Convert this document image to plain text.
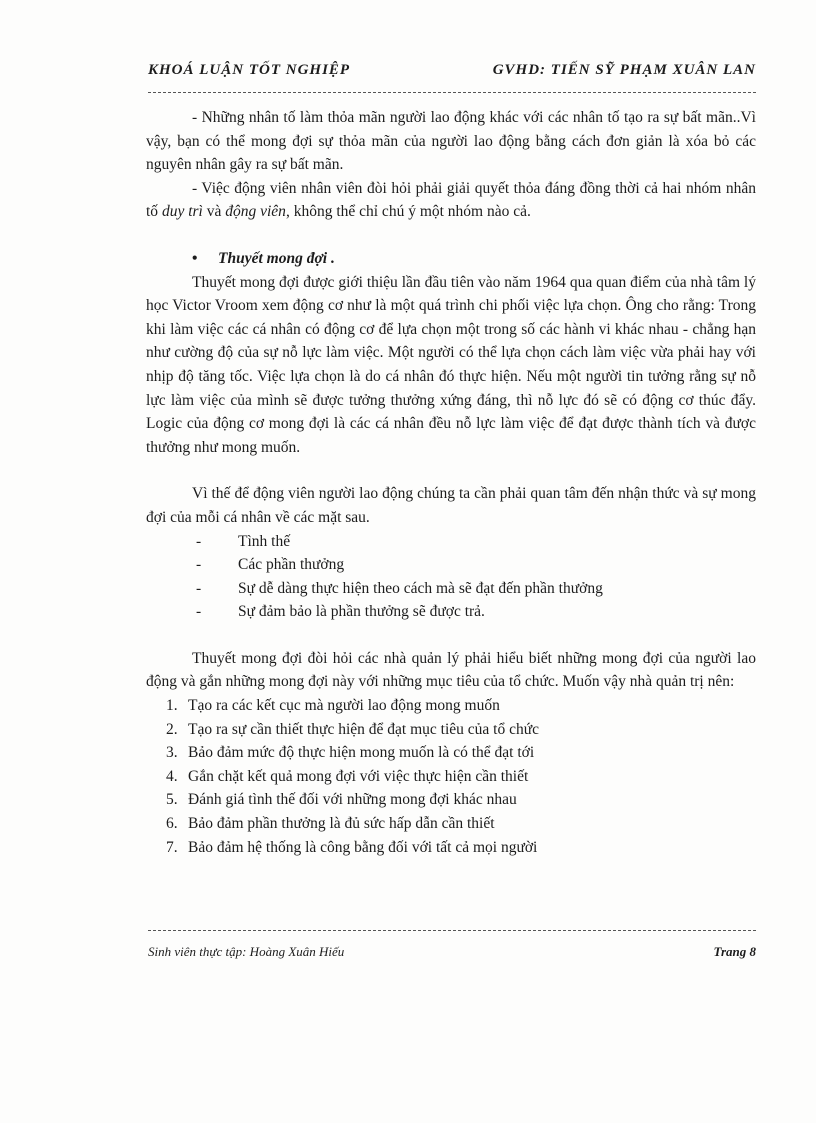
KHOÁ LUẬN TỐT NGHIỆP	GVHD: TIẾN SỸ PHẠM XUÂN LAN

- Những nhân tố làm thỏa mãn người lao động khác với các nhân tố tạo ra sự bất mãn..Vì vậy, bạn có thể mong đợi sự thỏa mãn của người lao động bằng cách đơn giản là xóa bỏ các nguyên nhân gây ra sự bất mãn.

- Việc động viên nhân viên đòi hỏi phải giải quyết thỏa đáng đồng thời cả hai nhóm nhân tố duy trì và động viên, không thể chỉ chú ý một nhóm nào cả.

• Thuyết mong đợi .

Thuyết mong đợi được giới thiệu lần đầu tiên vào năm 1964 qua quan điểm của nhà tâm lý học Victor Vroom xem động cơ như là một quá trình chi phối việc lựa chọn. Ông cho rằng: Trong khi làm việc các cá nhân có động cơ để lựa chọn một trong số các hành vi khác nhau - chẳng hạn như cường độ của sự nỗ lực làm việc. Một người có thể lựa chọn cách làm việc vừa phải hay với nhịp độ tăng tốc. Việc lựa chọn là do cá nhân đó thực hiện. Nếu một người tin tưởng rằng sự nỗ lực làm việc của mình sẽ được tưởng thưởng xứng đáng, thì nỗ lực đó sẽ có động cơ thúc đẩy. Logic của động cơ mong đợi là các cá nhân đều nỗ lực làm việc để đạt được thành tích và được thưởng như mong muốn.

Vì thế để động viên người lao động chúng ta cần phải quan tâm đến nhận thức và sự mong đợi của mỗi cá nhân về các mặt sau.

-	Tình thế
-	Các phần thưởng
-	Sự dễ dàng thực hiện theo cách mà sẽ đạt đến phần thưởng
-	Sự đảm bảo là phần thưởng sẽ được trả.

Thuyết mong đợi đòi hỏi các nhà quản lý phải hiểu biết những mong đợi của người lao động và gắn những mong đợi này với những mục tiêu của tổ chức. Muốn vậy nhà quản trị nên:

1. Tạo ra các kết cục mà người lao động mong muốn
2. Tạo ra sự cần thiết thực hiện để đạt mục tiêu của tổ chức
3. Bảo đảm mức độ thực hiện mong muốn là có thể đạt tới
4. Gắn chặt kết quả mong đợi với việc thực hiện cần thiết
5. Đánh giá tình thế đối với những mong đợi khác nhau
6. Bảo đảm phần thưởng là đủ sức hấp dẫn cần thiết
7. Bảo đảm hệ thống là công bằng đối với tất cả mọi người
Sinh viên thực tập: Hoàng Xuân Hiếu	Trang 8
